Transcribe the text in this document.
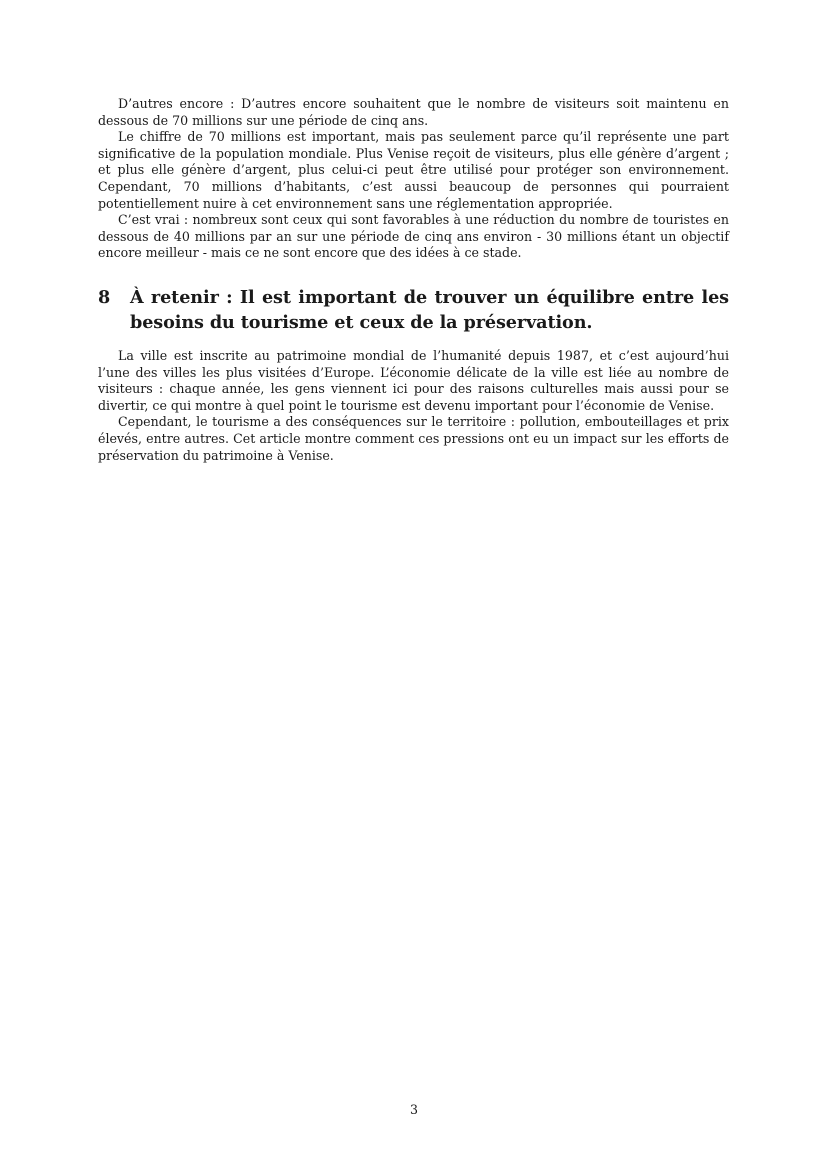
D’autres encore : D’autres encore souhaitent que le nombre de visiteurs soit maintenu en dessous de 70 millions sur une période de cinq ans.

Le chiffre de 70 millions est important, mais pas seulement parce qu’il représente une part significative de la population mondiale. Plus Venise reçoit de visiteurs, plus elle génère d’argent ; et plus elle génère d’argent, plus celui-ci peut être utilisé pour protéger son environnement. Cependant, 70 millions d’habitants, c’est aussi beaucoup de personnes qui pourraient potentiellement nuire à cet environnement sans une réglementation appropriée.

C’est vrai : nombreux sont ceux qui sont favorables à une réduction du nombre de touristes en dessous de 40 millions par an sur une période de cinq ans environ - 30 millions étant un objectif encore meilleur - mais ce ne sont encore que des idées à ce stade.

8	À retenir : Il est important de trouver un équilibre entre les besoins du tourisme et ceux de la préservation.

La ville est inscrite au patrimoine mondial de l’humanité depuis 1987, et c’est aujourd’hui l’une des villes les plus visitées d’Europe. L’économie délicate de la ville est liée au nombre de visiteurs : chaque année, les gens viennent ici pour des raisons culturelles mais aussi pour se divertir, ce qui montre à quel point le tourisme est devenu important pour l’économie de Venise.

Cependant, le tourisme a des conséquences sur le territoire : pollution, embouteillages et prix élevés, entre autres. Cet article montre comment ces pressions ont eu un impact sur les efforts de préservation du patrimoine à Venise.

3
